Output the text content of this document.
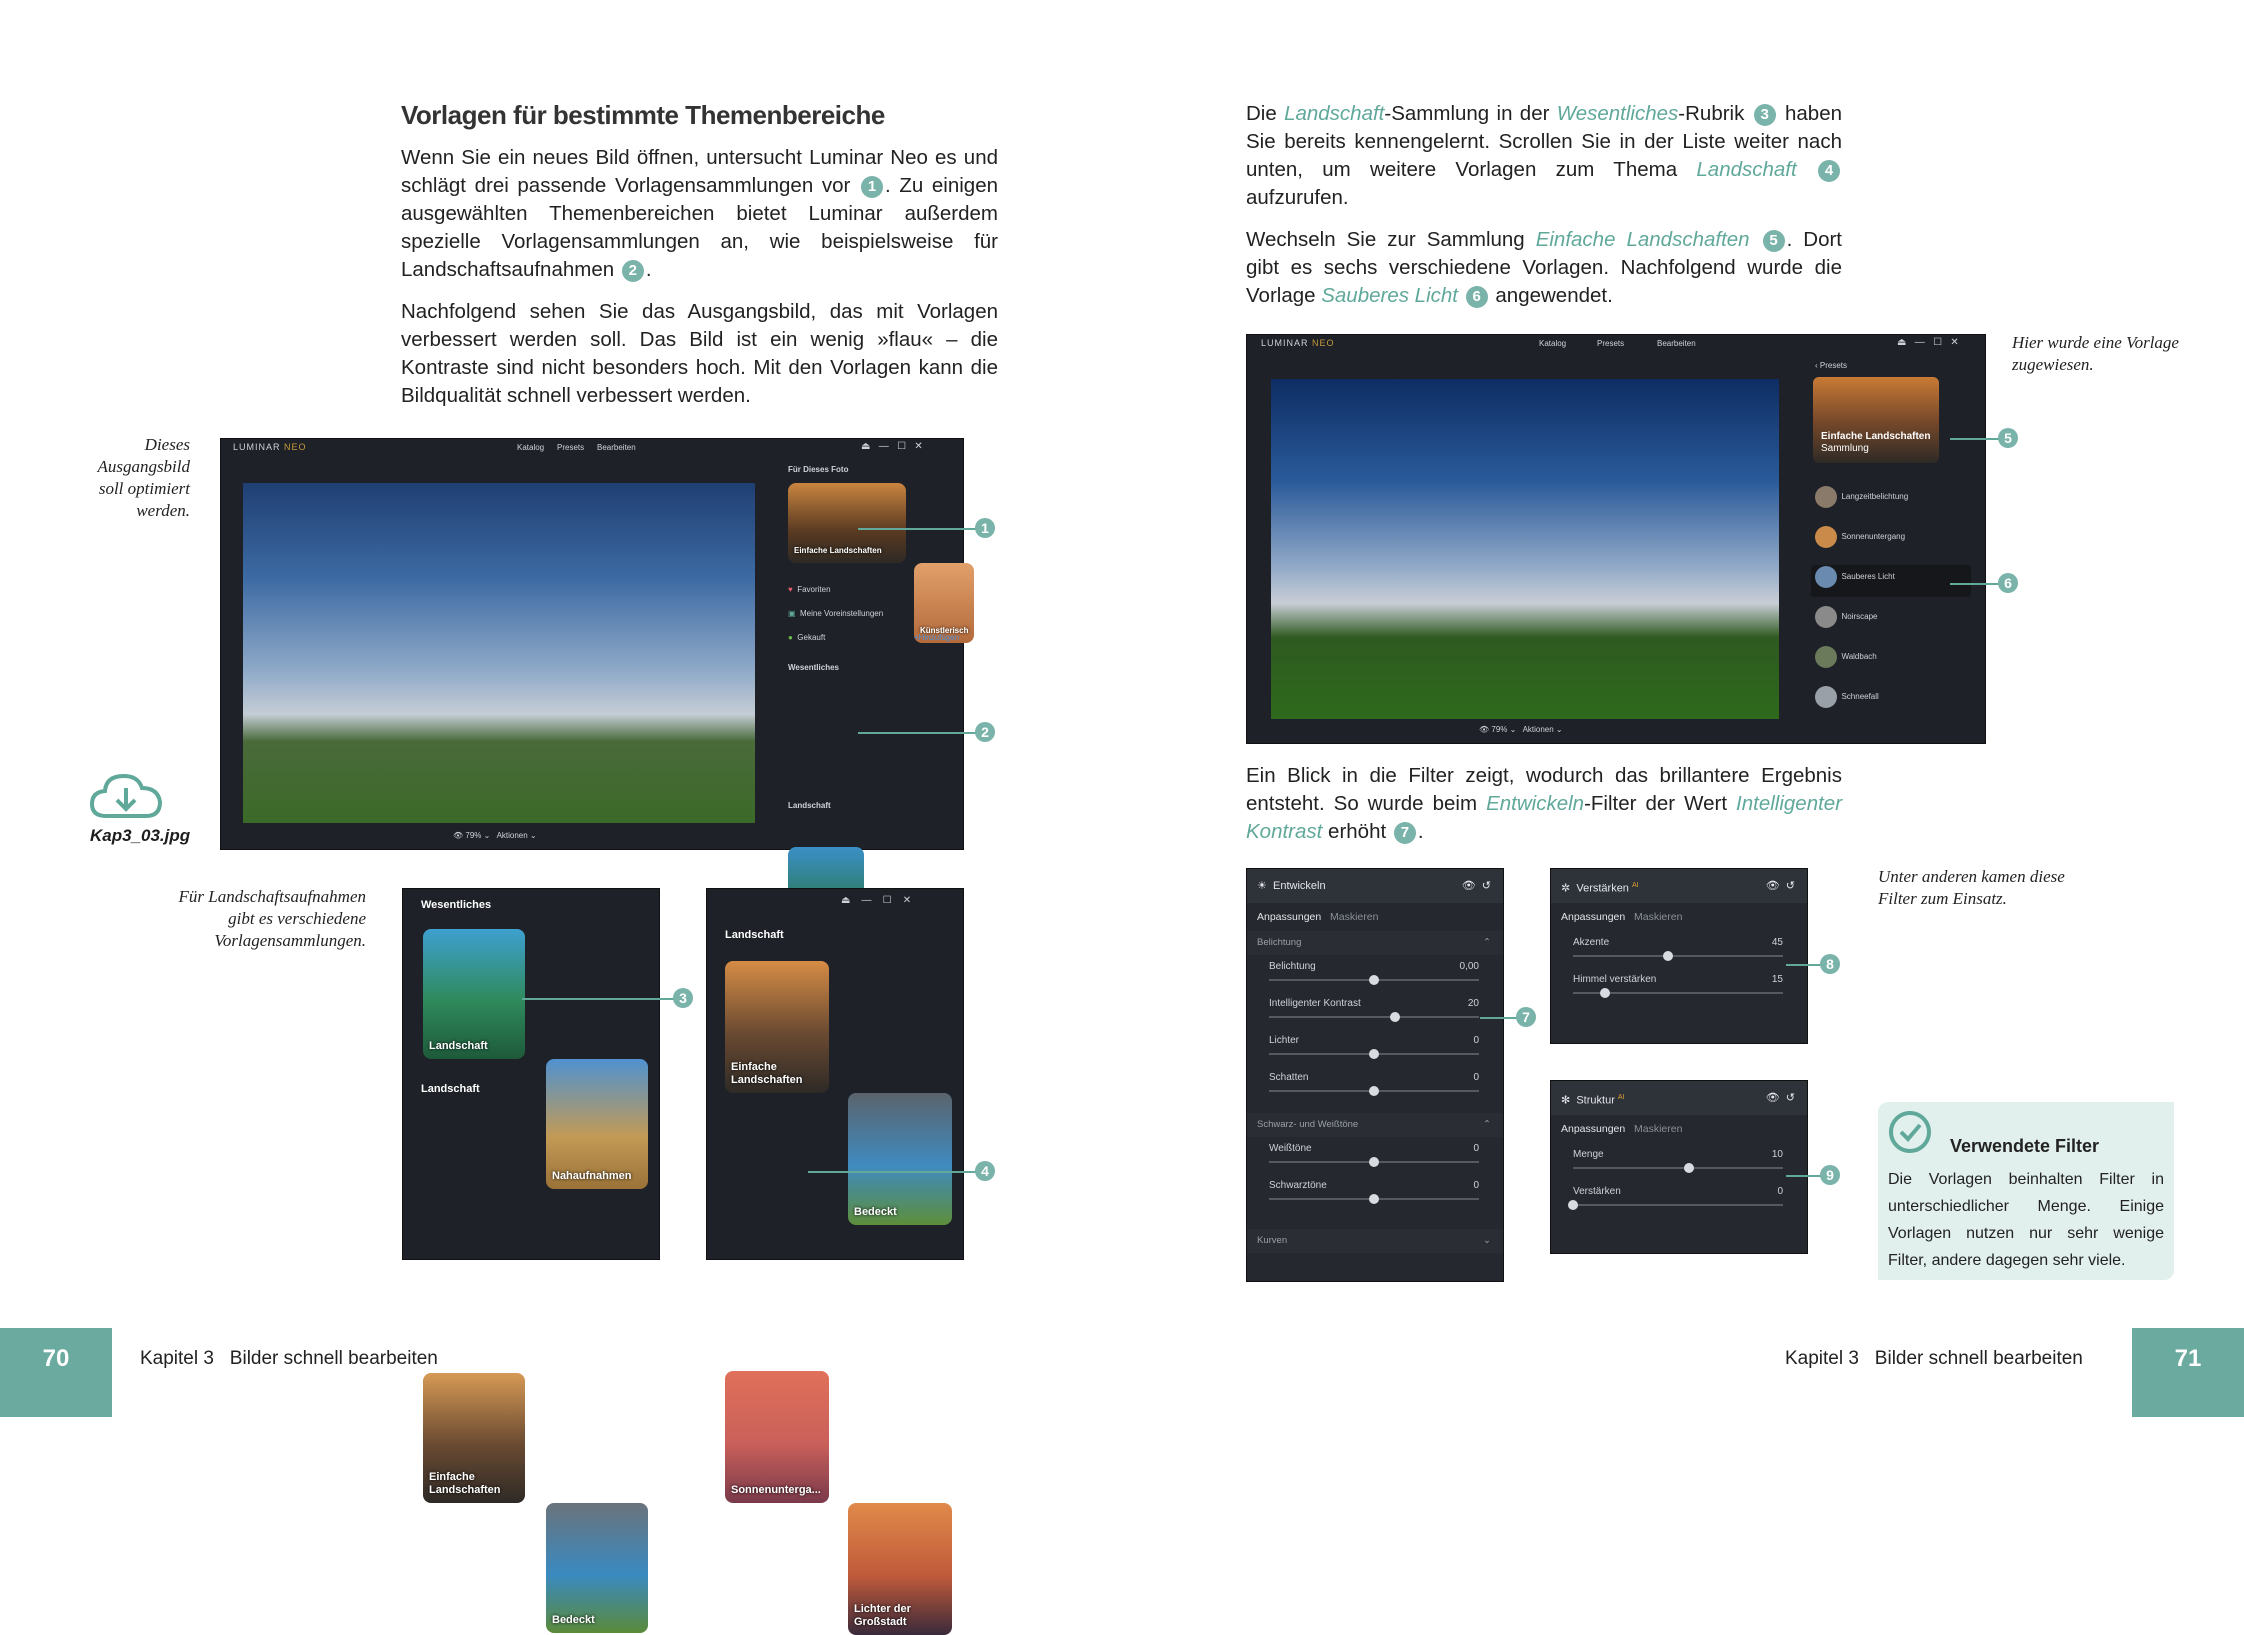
Vorlagen für bestimmte Themenbereiche

Wenn Sie ein neues Bild öffnen, untersucht Luminar Neo es und schlägt drei passende Vorlagensammlungen vor 1 . Zu einigen ausgewählten Themenbereichen bietet Luminar außerdem spezielle Vorlagensammlungen an, wie beispielsweise für Landschaftsaufnahmen 2 .

Nachfolgend sehen Sie das Ausgangsbild, das mit Vorlagen verbessert werden soll. Das Bild ist ein wenig »flau« – die Kontraste sind nicht besonders hoch. Mit den Vorlagen kann die Bildqualität schnell verbessert werden.

Dieses Ausgangsbild soll optimiert werden.
Kap3_03.jpg
LUMINAR NEO	Katalog Presets Bearbeiten	⏏   —   ☐   ✕
👁 79% ⌄   Aktionen ⌄
Für Dieses Foto
Einfache Landschaften
Künstlerisch
♥ Favoriten
▣ Meine Voreinstellungen
● Gekauft	+Hinzufügen
Wesentliches
Landschaft
1
2
Für Landschaftsaufnahmen gibt es verschiedene Vorlagensammlungen.
Wesentliches
Landschaft
Nahaufnahmen
Landschaft
Einfache Landschaften
Bedeckt
3
⏏    —    ☐    ✕
Landschaft
Einfache Landschaften
Bedeckt
Sonnenunterga...
Lichter der Großstadt
4
70	Kapitel 3 Bilder schnell bearbeiten

Die Landschaft-Sammlung in der Wesentliches-Rubrik 3 haben Sie bereits kennengelernt. Scrollen Sie in der Liste weiter nach unten, um weitere Vorlagen zum Thema Landschaft 4 aufzurufen.

Wechseln Sie zur Sammlung Einfache Landschaften 5 . Dort gibt es sechs verschiedene Vorlagen. Nachfolgend wurde die Vorlage Sauberes Licht 6 angewendet.

Hier wurde eine Vorlage zugewiesen.
LUMINAR NEO	Katalog	Presets	Bearbeiten	⏏   —   ☐   ✕
👁 79% ⌄   Aktionen ⌄
‹ Presets
Einfache Landschaften
Sammlung
Langzeitbelichtung
Sonnenuntergang
Sauberes Licht
Noirscape
Waldbach
Schneefall
5
6

Ein Blick in die Filter zeigt, wodurch das brillantere Ergebnis entsteht. So wurde beim Entwickeln-Filter der Wert Intelligenter Kontrast erhöht 7 .

Unter anderen kamen diese Filter zum Einsatz.
☀  Entwickeln	👁  ↺
Anpassungen Maskieren
Belichtung	⌃
Belichtung	0,00
Intelligenter Kontrast	20
Lichter	0
Schatten	0
Schwarz- und Weißtöne	⌃
Weißtöne	0
Schwarztöne	0
Kurven	⌄
7
✲  Verstärken $^{AI}$	👁  ↺
Anpassungen Maskieren
Akzente	45
Himmel verstärken	15
8
✻  Struktur $^{AI}$	👁  ↺
Anpassungen Maskieren
Menge	10
Verstärken	0
9
Verwendete Filter
Die Vorlagen beinhalten Filter in unterschiedlicher Menge. Einige Vorlagen nutzen nur sehr wenige Filter, andere dagegen sehr viele.
Kapitel 3 Bilder schnell bearbeiten	71
